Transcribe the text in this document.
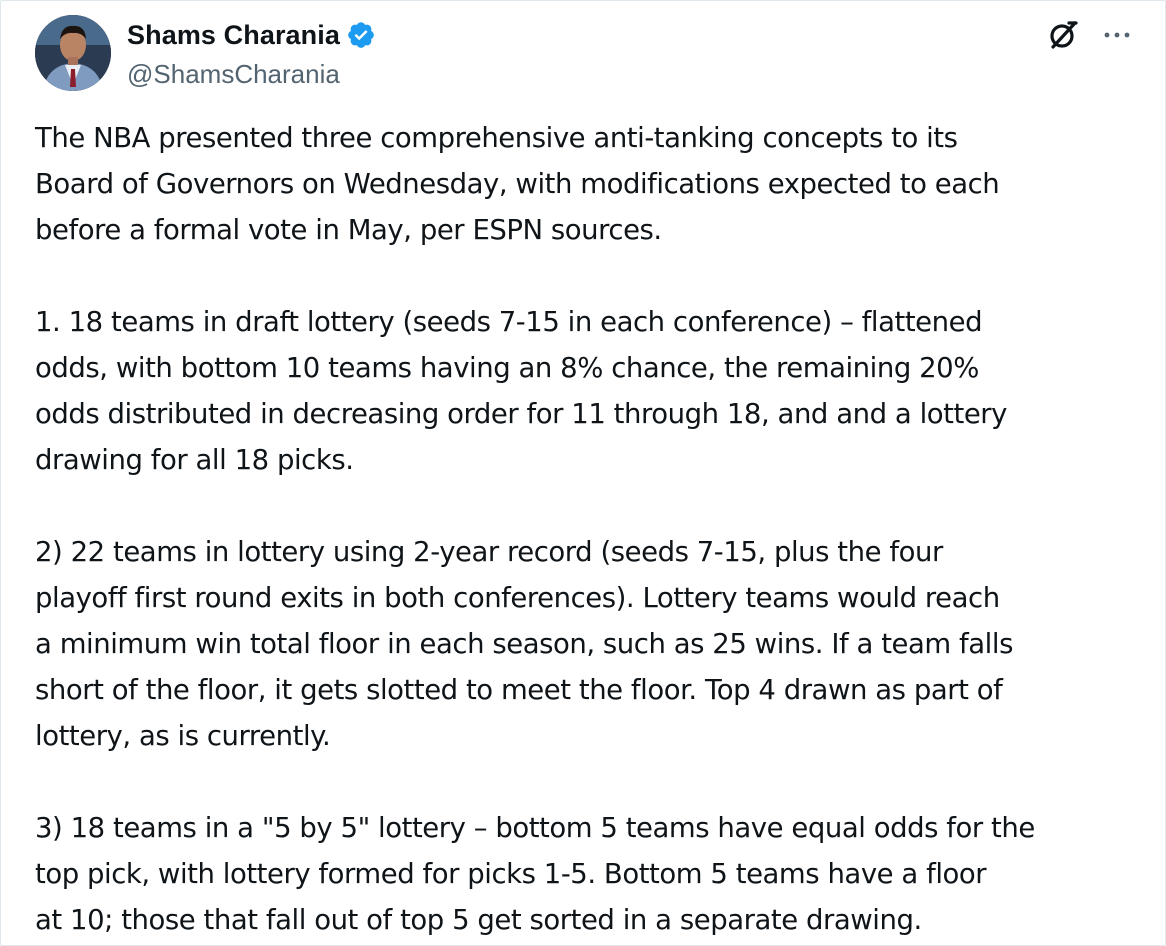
Shams Charania
@ShamsCharania

The NBA presented three comprehensive anti-tanking concepts to its
Board of Governors on Wednesday, with modifications expected to each
before a formal vote in May, per ESPN sources.

1. 18 teams in draft lottery (seeds 7-15 in each conference) – flattened
odds, with bottom 10 teams having an 8% chance, the remaining 20%
odds distributed in decreasing order for 11 through 18, and and a lottery
drawing for all 18 picks.

2) 22 teams in lottery using 2-year record (seeds 7-15, plus the four
playoff first round exits in both conferences). Lottery teams would reach
a minimum win total floor in each season, such as 25 wins. If a team falls
short of the floor, it gets slotted to meet the floor. Top 4 drawn as part of
lottery, as is currently.

3) 18 teams in a "5 by 5" lottery – bottom 5 teams have equal odds for the
top pick, with lottery formed for picks 1-5. Bottom 5 teams have a floor
at 10; those that fall out of top 5 get sorted in a separate drawing.
